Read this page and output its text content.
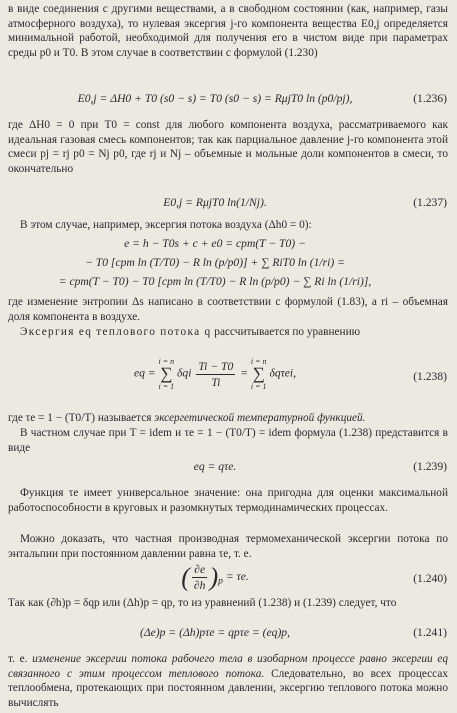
в виде соединения с другими веществами, а в свободном состоянии (как, например, газы атмосферного воздуха), то нулевая эксергия j-го компонента вещества E0,j определяется минимальной работой, необходимой для получения его в чистом виде при параметрах среды p0 и T0. В этом случае в соответствии с формулой (1.230)

E0,j = ΔH0 + T0 (s0 − s) = T0 (s0 − s) = RμjT0 ln (p0/pj),	(1.236)

где ΔH0 = 0 при T0 = const для любого компонента воздуха, рассматриваемого как идеальная газовая смесь компонентов; так как парциальное давление j-го компонента этой смеси pj = rj p0 = Nj p0, где rj и Nj – объемные и мольные доли компонентов в смеси, то окончательно

E0,j = RμjT0 ln(1/Nj).	(1.237)

В этом случае, например, эксергия потока воздуха (Δh0 = 0):

e = h − T0s + c + e0 = cpm(T − T0) −
− T0 [cpm ln (T/T0) − R ln (p/p0)] + ∑ RiT0 ln (1/ri) =
= cpm(T − T0) − T0 [cpm ln (T/T0) − R ln (p/p0) − ∑ Ri ln (1/ri)],

где изменение энтропии Δs написано в соответствии с формулой (1.83), а ri – объемная доля компонента в воздухе.

Эксергия eq теплового потока q рассчитывается по уравнению

eq = i = n
∑
i = 1 δqi $\frac{Ti - T0}{Ti} = i = n$
∑
i = 1 δqτei,	(1.238)

где τe = 1 − (T0/T) называется эксергетической температурной функцией.

В частном случае при T = idem и τe = 1 − (T0/T) = idem формула (1.238) представится в виде

eq = qτe.	(1.239)

Функция τe имеет универсальное значение: она пригодна для оценки максимальной работоспособности в круговых и разомкнутых термодинамических процессах.

Можно доказать, что частная производная термомеханической эксергии потока по энтальпии при постоянном давлении равна τe, т. е.

( $\frac{\partial e}{\partial h} )_p = \tau e$.	(1.240)

Так как (∂h)p = δqp или (Δh)p = qp, то из уравнений (1.238) и (1.239) следует, что

(Δe)p = (Δh)pτe = qpτe = (eq)p,	(1.241)

т. е. изменение эксергии потока рабочего тела в изобарном процессе равно эксергии eq связанного с этим процессом теплового потока. Следовательно, во всех процессах теплообмена, протекающих при постоянном давлении, эксергию теплового потока можно вычислять
